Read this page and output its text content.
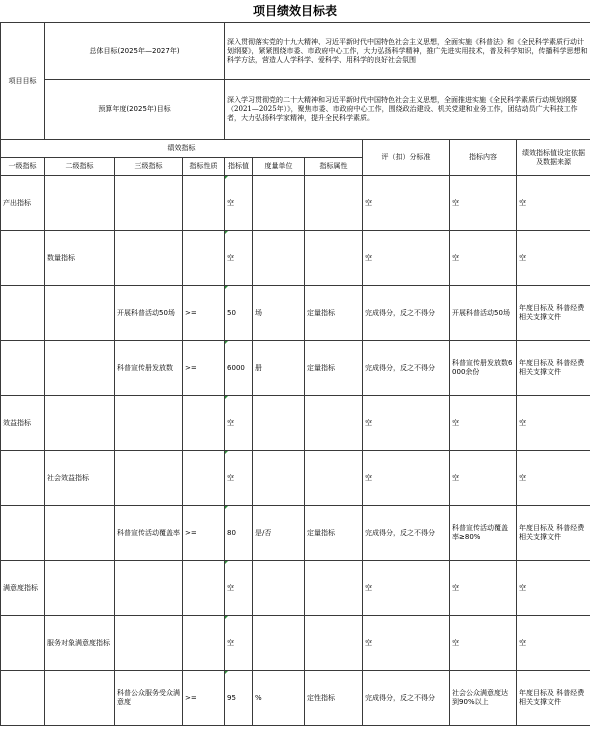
项目绩效目标表
项目目标	总体目标(2025年—2027年)			深入贯彻落实党的十九大精神、习近平新时代中国特色社会主义思想，全面实施《科普法》和《全民科学素质行动计划纲要》，紧紧围绕市委、市政府中心工作，大力弘扬科学精神，推广先进实用技术，普及科学知识，传播科学思想和科学方法，营造人人学科学、爱科学、用科学的良好社会氛围					
	预算年度(2025年)目标			深入学习贯彻党的二十大精神和习近平新时代中国特色社会主义思想，全面推进实施《全民科学素质行动规划纲要（2021—2025年）》，聚焦市委、市政府中心工作，围绕政治建设、机关党建和业务工作，团结动员广大科技工作者，大力弘扬科学家精神，提升全民科学素质。					
绩效指标							评（扣）分标准	指标内容	绩效指标值设定依据及数据来源
一级指标	二级指标	三级指标	指标性质	指标值	度量单位	指标属性			
产出指标				空			空	空	空
	数量指标			空			空	空	空
		开展科普活动50场	>=	50	场	定量指标	完成得分，反之不得分	开展科普活动50场	年度目标及 科普经费相关支撑文件
		科普宣传册发放数	>=	6000	册	定量指标	完成得分，反之不得分	科普宣传册发放数6000余份	年度目标及 科普经费相关支撑文件
效益指标				空			空	空	空
	社会效益指标			空			空	空	空
		科普宣传活动覆盖率	>=	80	是/否	定量指标	完成得分，反之不得分	科普宣传活动覆盖率≥80%	年度目标及 科普经费相关支撑文件
满意度指标				空			空	空	空
	服务对象满意度指标			空			空	空	空
		科普公众服务受众满意度	>=	95	%	定性指标	完成得分，反之不得分	社会公众满意度达到90%以上	年度目标及 科普经费相关支撑文件
